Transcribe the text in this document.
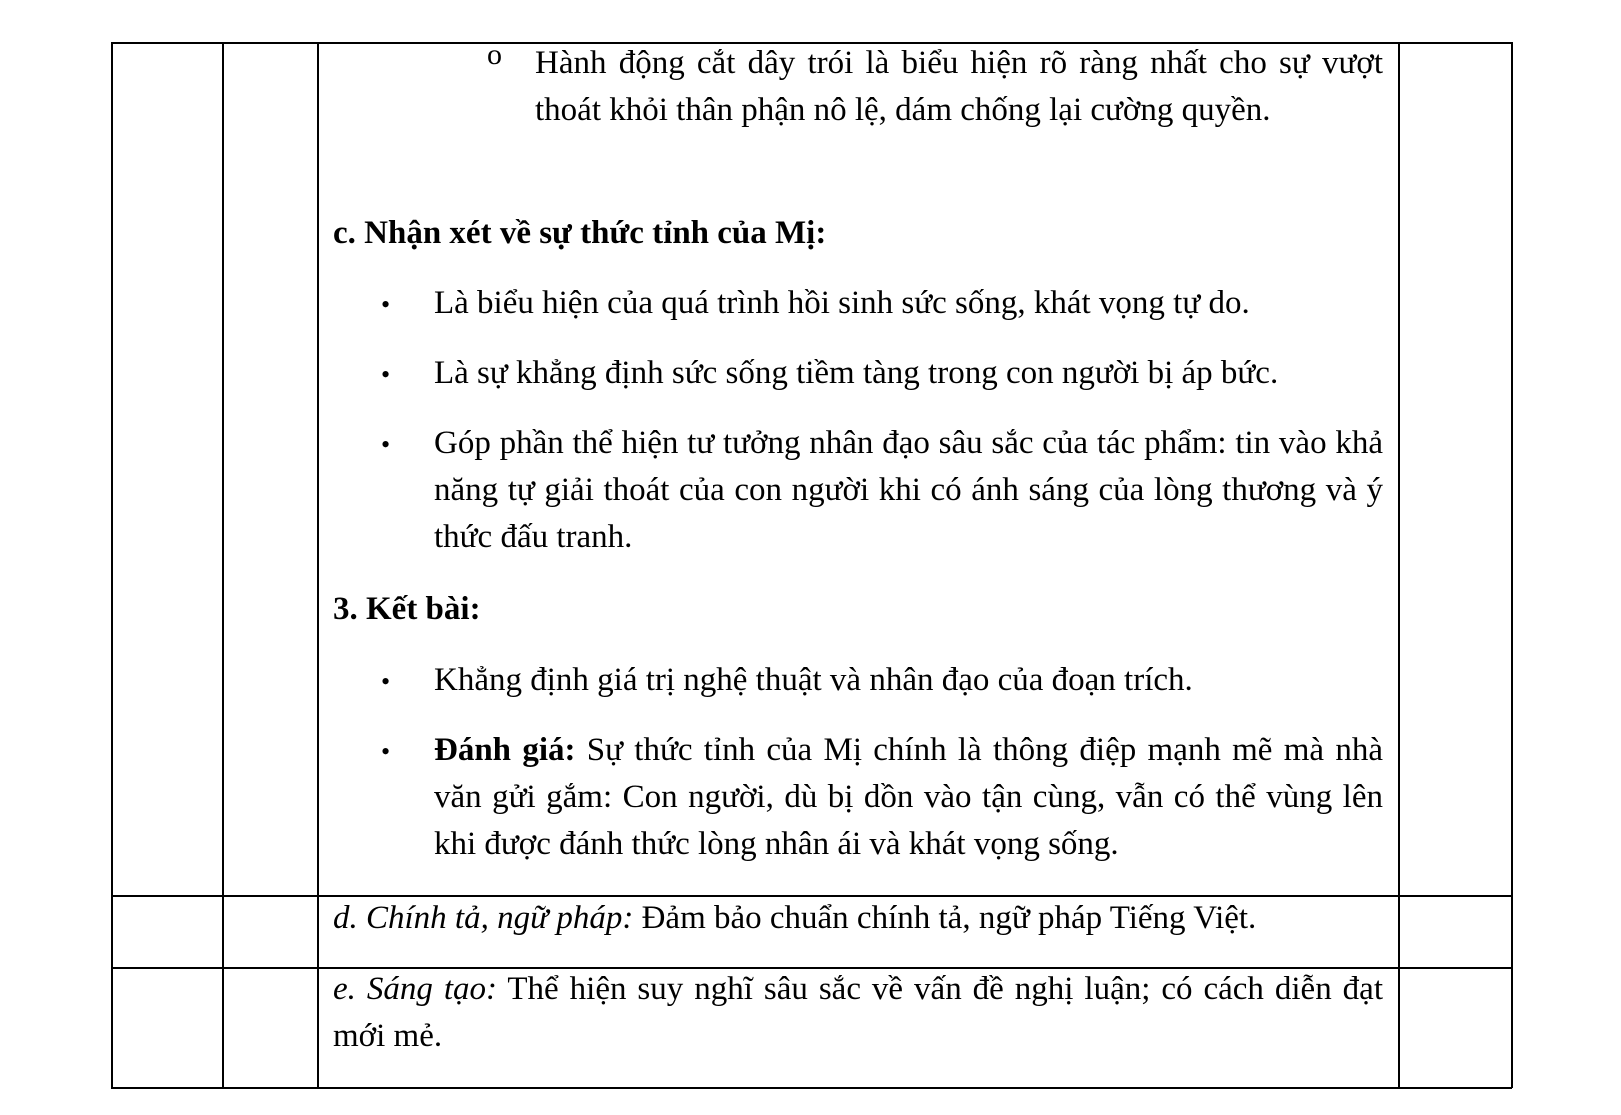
o Hành động cắt dây trói là biểu hiện rõ ràng nhất cho sự vượt thoát khỏi thân phận nô lệ, dám chống lại cường quyền.
c. Nhận xét về sự thức tỉnh của Mị:
• Là biểu hiện của quá trình hồi sinh sức sống, khát vọng tự do.
• Là sự khẳng định sức sống tiềm tàng trong con người bị áp bức.
• Góp phần thể hiện tư tưởng nhân đạo sâu sắc của tác phẩm: tin vào khả năng tự giải thoát của con người khi có ánh sáng của lòng thương và ý thức đấu tranh.
3. Kết bài:
• Khẳng định giá trị nghệ thuật và nhân đạo của đoạn trích.
• Đánh giá: Sự thức tỉnh của Mị chính là thông điệp mạnh mẽ mà nhà văn gửi gắm: Con người, dù bị dồn vào tận cùng, vẫn có thể vùng lên khi được đánh thức lòng nhân ái và khát vọng sống.
d. Chính tả, ngữ pháp: Đảm bảo chuẩn chính tả, ngữ pháp Tiếng Việt.
e. Sáng tạo: Thể hiện suy nghĩ sâu sắc về vấn đề nghị luận; có cách diễn đạt mới mẻ.
